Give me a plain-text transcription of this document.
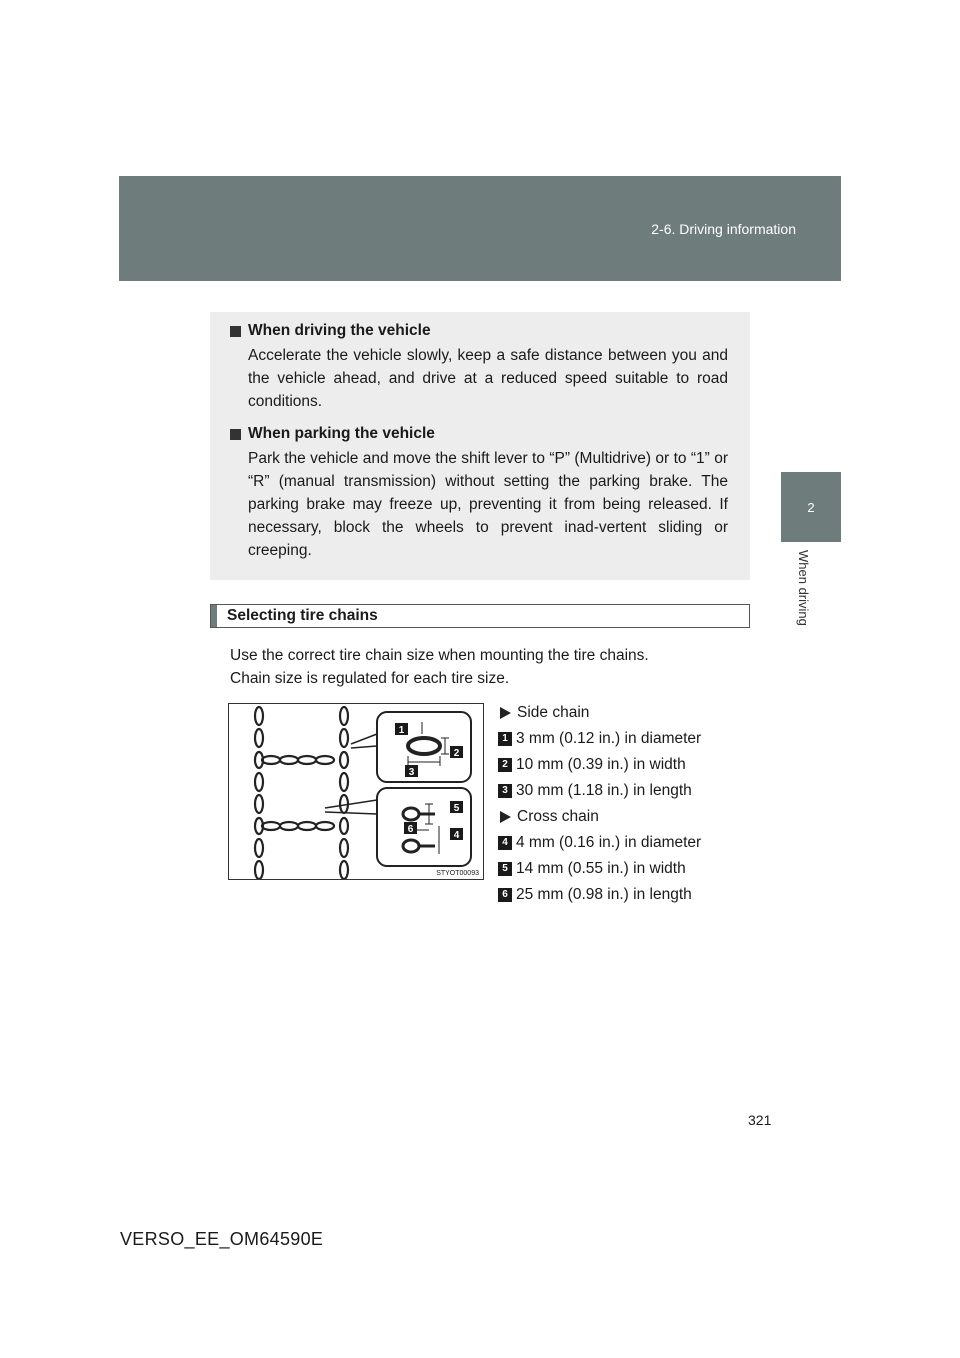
2-6. Driving information
2
When driving
When driving the vehicle
Accelerate the vehicle slowly, keep a safe distance between you and the vehicle ahead, and drive at a reduced speed suitable to road conditions.
When parking the vehicle
Park the vehicle and move the shift lever to “P” (Multidrive) or to “1” or “R” (manual transmission) without setting the parking brake. The parking brake may freeze up, preventing it from being released. If necessary, block the wheels to prevent inad-vertent sliding or creeping.
Selecting tire chains
Use the correct tire chain size when mounting the tire chains.
Chain size is regulated for each tire size.
1
2
3
5
6
4
STYOT00093
Side chain
1 3 mm (0.12 in.) in diameter
2 10 mm (0.39 in.) in width
3 30 mm (1.18 in.) in length
Cross chain
4 4 mm (0.16 in.) in diameter
5 14 mm (0.55 in.) in width
6 25 mm (0.98 in.) in length
321
VERSO_EE_OM64590E
